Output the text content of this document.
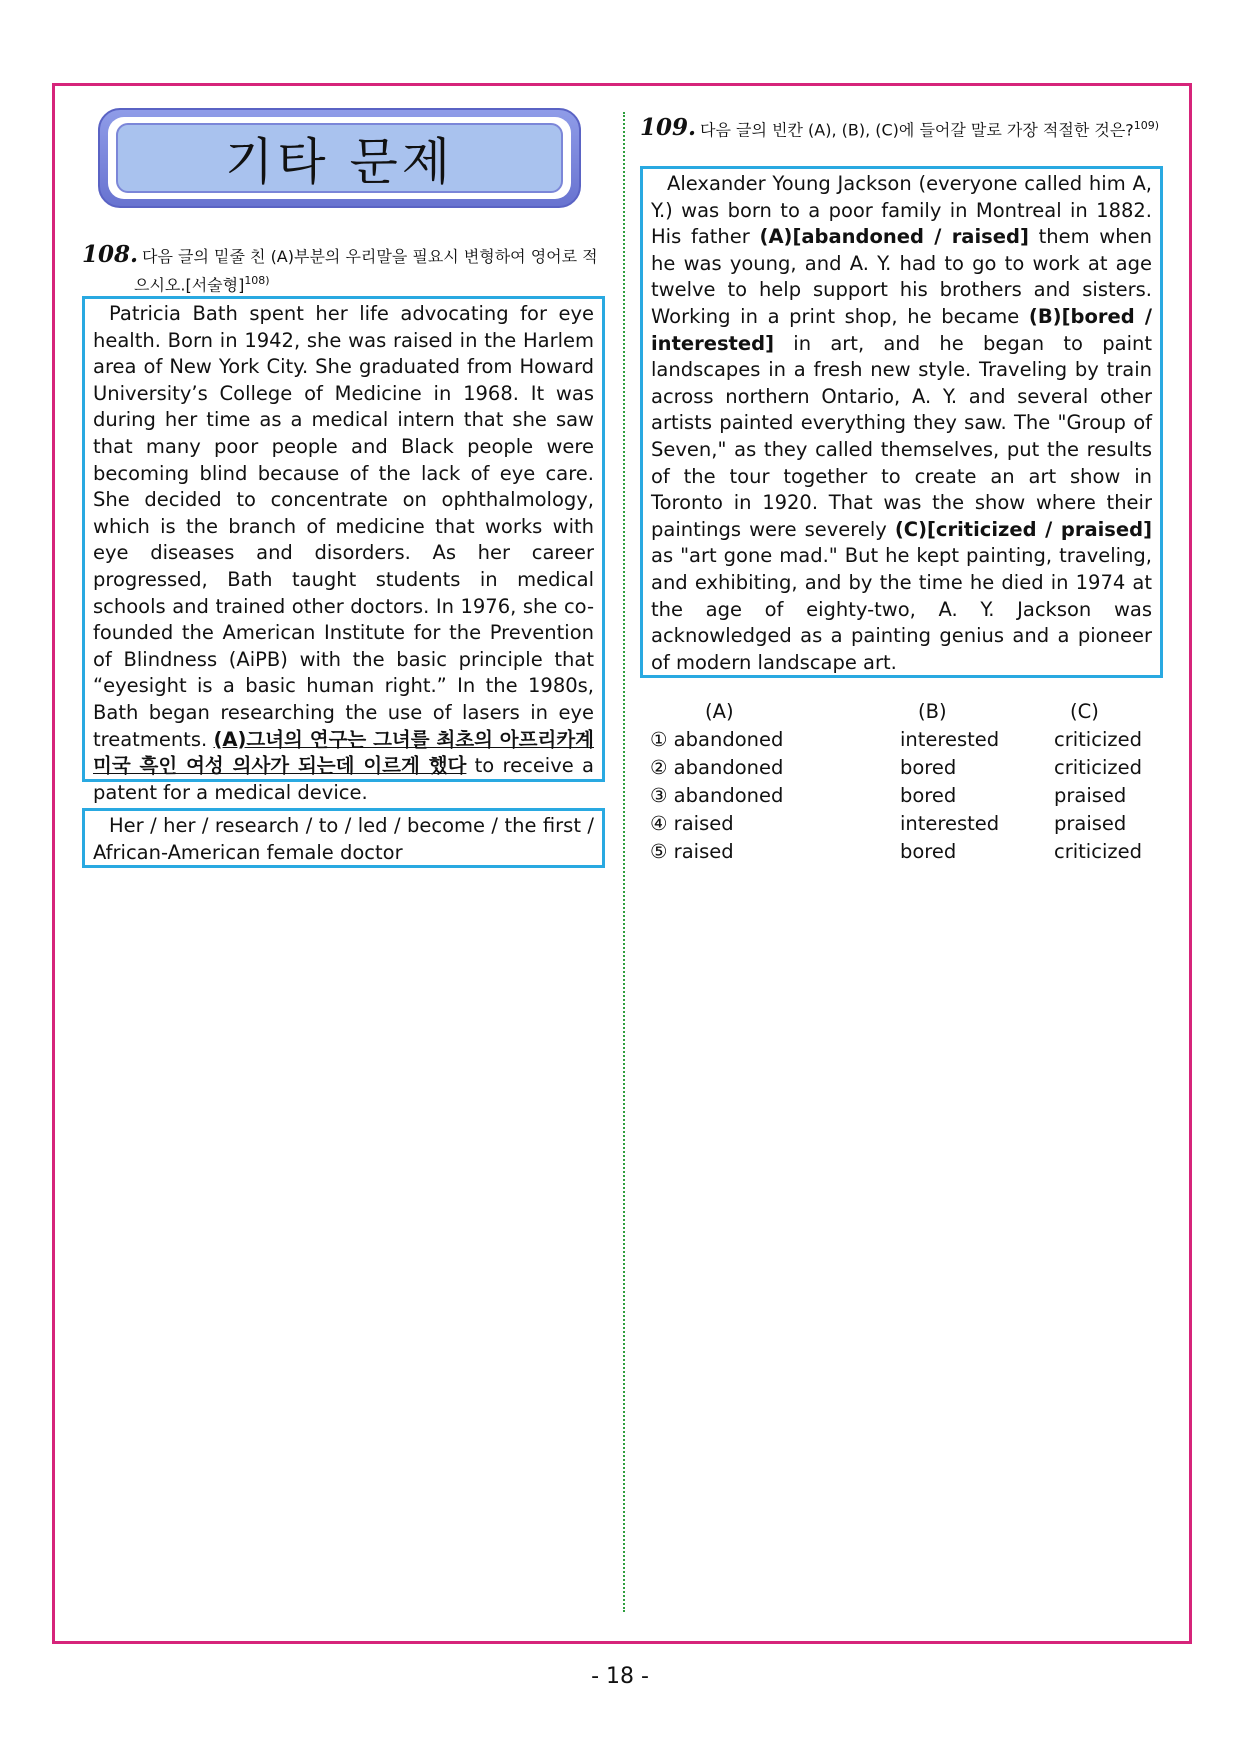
기타 문제
108. 다음 글의 밑줄 친 (A)부분의 우리말을 필요시 변형하여 영어로 적으시오.[서술형]$^{108)}$
Patricia Bath spent her life advocating for eye health. Born in 1942, she was raised in the Harlem area of New York City. She graduated from Howard University’s College of Medicine in 1968. It was during her time as a medical intern that she saw that many poor people and Black people were becoming blind because of the lack of eye care. She decided to concentrate on ophthalmology, which is the branch of medicine that works with eye diseases and disorders. As her career progressed, Bath taught students in medical schools and trained other doctors. In 1976, she co-founded the American Institute for the Prevention of Blindness (AiPB) with the basic principle that “eyesight is a basic human right.” In the 1980s, Bath began researching the use of lasers in eye treatments. (A)그녀의 연구는 그녀를 최초의 아프리카계 미국 흑인 여성 의사가 되는데 이르게 했다 to receive a patent for a medical device.
Her / her / research / to / led / become / the first / African-American female doctor
109. 다음 글의 빈칸 (A), (B), (C)에 들어갈 말로 가장 적절한 것은?$^{109)}$
Alexander Young Jackson (everyone called him A, Y.) was born to a poor family in Montreal in 1882. His father (A)[abandoned / raised] them when he was young, and A. Y. had to go to work at age twelve to help support his brothers and sisters. Working in a print shop, he became (B)[bored / interested] in art, and he began to paint landscapes in a fresh new style. Traveling by train across northern Ontario, A. Y. and several other artists painted everything they saw. The "Group of Seven," as they called themselves, put the results of the tour together to create an art show in Toronto in 1920. That was the show where their paintings were severely (C)[criticized / praised] as "art gone mad." But he kept painting, traveling, and exhibiting, and by the time he died in 1974 at the age of eighty-two, A. Y. Jackson was acknowledged as a painting genius and a pioneer of modern landscape art.
(A)	(B)	(C)
① abandoned	interested	criticized
② abandoned	bored	criticized
③ abandoned	bored	praised
④ raised	interested	praised
⑤ raised	bored	criticized
- 18 -
